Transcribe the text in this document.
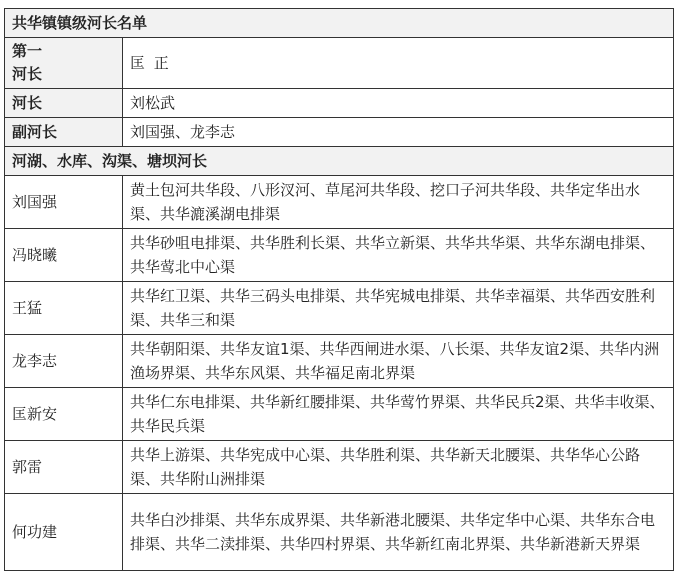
共华镇镇级河长名单	

第一
河长	匡 正
河长	刘松武
副河长	刘国强、龙李志
河湖、水库、沟渠、塘坝河长	
刘国强	黄土包河共华段、八形汊河、草尾河共华段、挖口子河共华段、共华定华出水渠、共华漉溪湖电排渠
冯晓曦	共华砂咀电排渠、共华胜利长渠、共华立新渠、共华共华渠、共华东湖电排渠、共华莺北中心渠
王猛	共华红卫渠、共华三码头电排渠、共华宪城电排渠、共华幸福渠、共华西安胜利渠、共华三和渠
龙李志	共华朝阳渠、共华友谊1渠、共华西闸进水渠、八长渠、共华友谊2渠、共华内洲渔场界渠、共华东风渠、共华福足南北界渠
匡新安	共华仁东电排渠、共华新红腰排渠、共华莺竹界渠、共华民兵2渠、共华丰收渠、共华民兵渠
郭雷	共华上游渠、共华宪成中心渠、共华胜利渠、共华新天北腰渠、共华华心公路渠、共华附山洲排渠
何功建	共华白沙排渠、共华东成界渠、共华新港北腰渠、共华定华中心渠、共华东合电排渠、共华二渎排渠、共华四村界渠、共华新红南北界渠、共华新港新天界渠
